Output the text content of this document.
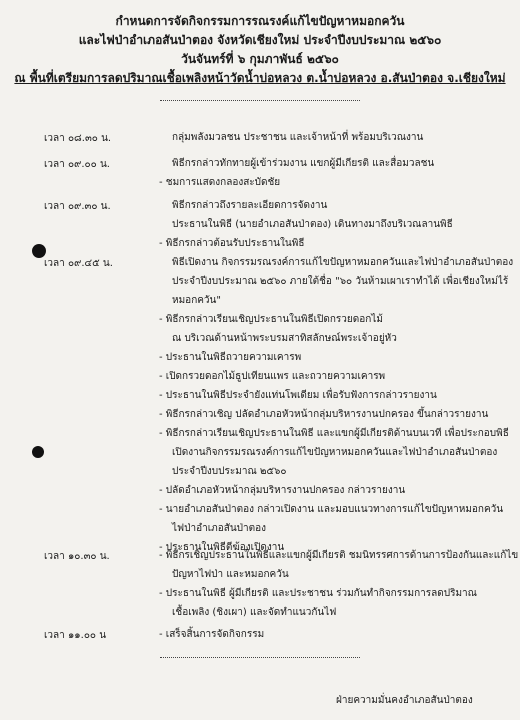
กำหนดการจัดกิจกรรมการรณรงค์แก้ไขปัญหาหมอกควัน
และไฟป่าอำเภอสันป่าตอง จังหวัดเชียงใหม่ ประจำปีงบประมาณ ๒๕๖๐
วันจันทร์ที่ ๖ กุมภาพันธ์ ๒๕๖๐
ณ พื้นที่เตรียมการลดปริมาณเชื้อเพลิงหน้าวัดน้ำบ่อหลวง ต.น้ำบ่อหลวง อ.สันป่าตอง จ.เชียงใหม่
เวลา ๐๘.๓๐ น.	กลุ่มพลังมวลชน ประชาชน และเจ้าหน้าที่ พร้อมบริเวณงาน
เวลา ๐๙.๐๐ น.	พิธีกรกล่าวทักทายผู้เข้าร่วมงาน แขกผู้มีเกียรติ และสื่อมวลชน
- ชมการแสดงกลองสะบัดชัย
เวลา ๐๙.๓๐ น.	พิธีกรกล่าวถึงรายละเอียดการจัดงาน
ประธานในพิธี (นายอำเภอสันป่าตอง) เดินทางมาถึงบริเวณลานพิธี
- พิธีกรกล่าวต้อนรับประธานในพิธี
เวลา ๐๙.๔๕ น.	พิธีเปิดงาน กิจกรรมรณรงค์การแก้ไขปัญหาหมอกควันและไฟป่าอำเภอสันป่าตอง
ประจำปีงบประมาณ ๒๕๖๐ ภายใต้ชื่อ "๖๐ วันห้ามเผาเราทำได้ เพื่อเชียงใหม่ไร้
หมอกควัน"
- พิธีกรกล่าวเรียนเชิญประธานในพิธีเปิดกรวยดอกไม้
ณ บริเวณด้านหน้าพระบรมสาทิสลักษณ์พระเจ้าอยู่หัว
- ประธานในพิธีถวายความเคารพ
- เปิดกรวยดอกไม้ธูปเทียนแพร และถวายความเคารพ
- ประธานในพิธีประจำยังแท่นโพเดียม เพื่อรับฟังการกล่าวรายงาน
- พิธีกรกล่าวเชิญ ปลัดอำเภอหัวหน้ากลุ่มบริหารงานปกครอง ขึ้นกล่าวรายงาน
- พิธีกรกล่าวเรียนเชิญประธานในพิธี และแขกผู้มีเกียรติด้านบนเวที เพื่อประกอบพิธี
เปิดงานกิจกรรมรณรงค์การแก้ไขปัญหาหมอกควันและไฟป่าอำเภอสันป่าตอง
ประจำปีงบประมาณ ๒๕๖๐
- ปลัดอำเภอหัวหน้ากลุ่มบริหารงานปกครอง กล่าวรายงาน
- นายอำเภอสันป่าตอง กล่าวเปิดงาน และมอบแนวทางการแก้ไขปัญหาหมอกควัน
ไฟป่าอำเภอสันป่าตอง
- ประธานในพิธีตีฆ้องเปิดงาน
เวลา ๑๐.๓๐ น.	- พิธีกรเชิญประธานในพิธีและแขกผู้มีเกียรติ ชมนิทรรศการด้านการป้องกันและแก้ไข
ปัญหาไฟป่า และหมอกควัน
- ประธานในพิธี ผู้มีเกียรติ และประชาชน ร่วมกันทำกิจกรรมการลดปริมาณ
เชื้อเพลิง (ชิงเผา) และจัดทำแนวกันไฟ
เวลา ๑๑.๐๐ น	- เสร็จสิ้นการจัดกิจกรรม
ฝ่ายความมั่นคงอำเภอสันป่าตอง
